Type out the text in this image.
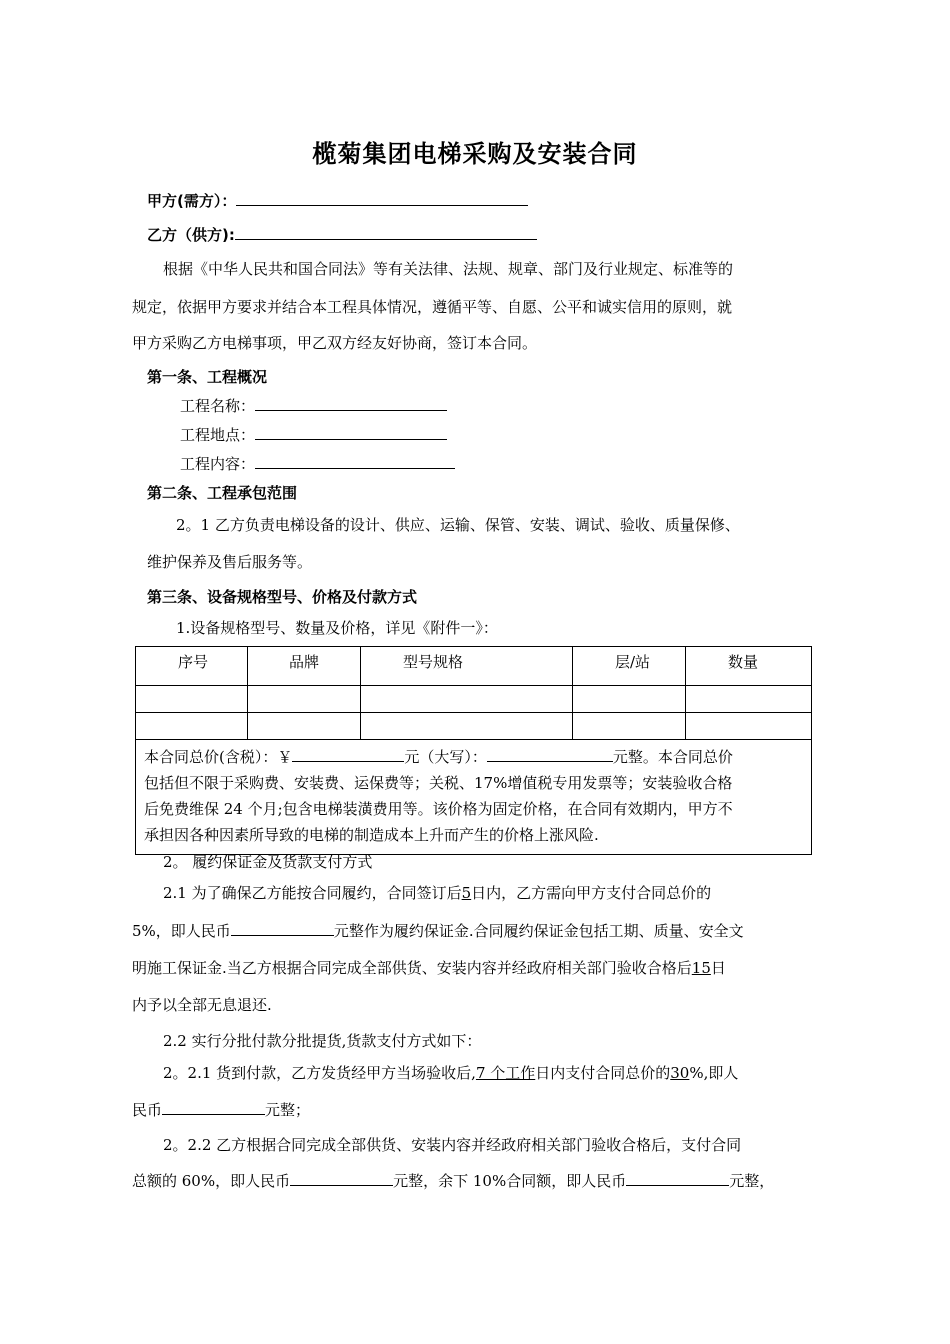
榄菊集团电梯采购及安装合同
甲方(需方）：
乙方（供方):
根据《中华人民共和国合同法》等有关法律、法规、规章、部门及行业规定、标准等的
规定，依据甲方要求并结合本工程具体情况，遵循平等、自愿、公平和诚实信用的原则，就
甲方采购乙方电梯事项，甲乙双方经友好协商，签订本合同。
第一条、工程概况
工程名称：
工程地点：
工程内容：
第二条、工程承包范围
2。1 乙方负责电梯设备的设计、供应、运输、保管、安装、调试、验收、质量保修、
维护保养及售后服务等。
第三条、设备规格型号、价格及付款方式
1.设备规格型号、数量及价格，详见《附件一》：
序号	品牌	型号规格	层/站	数量

本合同总价(含税）：￥ 元（大写）： 元整。本合同总价
包括但不限于采购费、安装费、运保费等；关税、17%增值税专用发票等；安装验收合格
后免费维保 24 个月;包含电梯装潢费用等。该价格为固定价格，在合同有效期内，甲方不
承担因各种因素所导致的电梯的制造成本上升而产生的价格上涨风险.				
2。 履约保证金及货款支付方式
2.1 为了确保乙方能按合同履约，合同签订后5日内，乙方需向甲方支付合同总价的
5%，即人民币	元整作为履约保证金.合同履约保证金包括工期、质量、安全文
明施工保证金.当乙方根据合同完成全部供货、安装内容并经政府相关部门验收合格后15日
内予以全部无息退还.
2.2 实行分批付款分批提货,货款支付方式如下：
2。2.1 货到付款，乙方发货经甲方当场验收后,7 个工作日内支付合同总价的30%,即人
民币	元整；
2。2.2 乙方根据合同完成全部供货、安装内容并经政府相关部门验收合格后，支付合同
总额的 60%，即人民币	元整，余下 10%合同额，即人民币	元整，
